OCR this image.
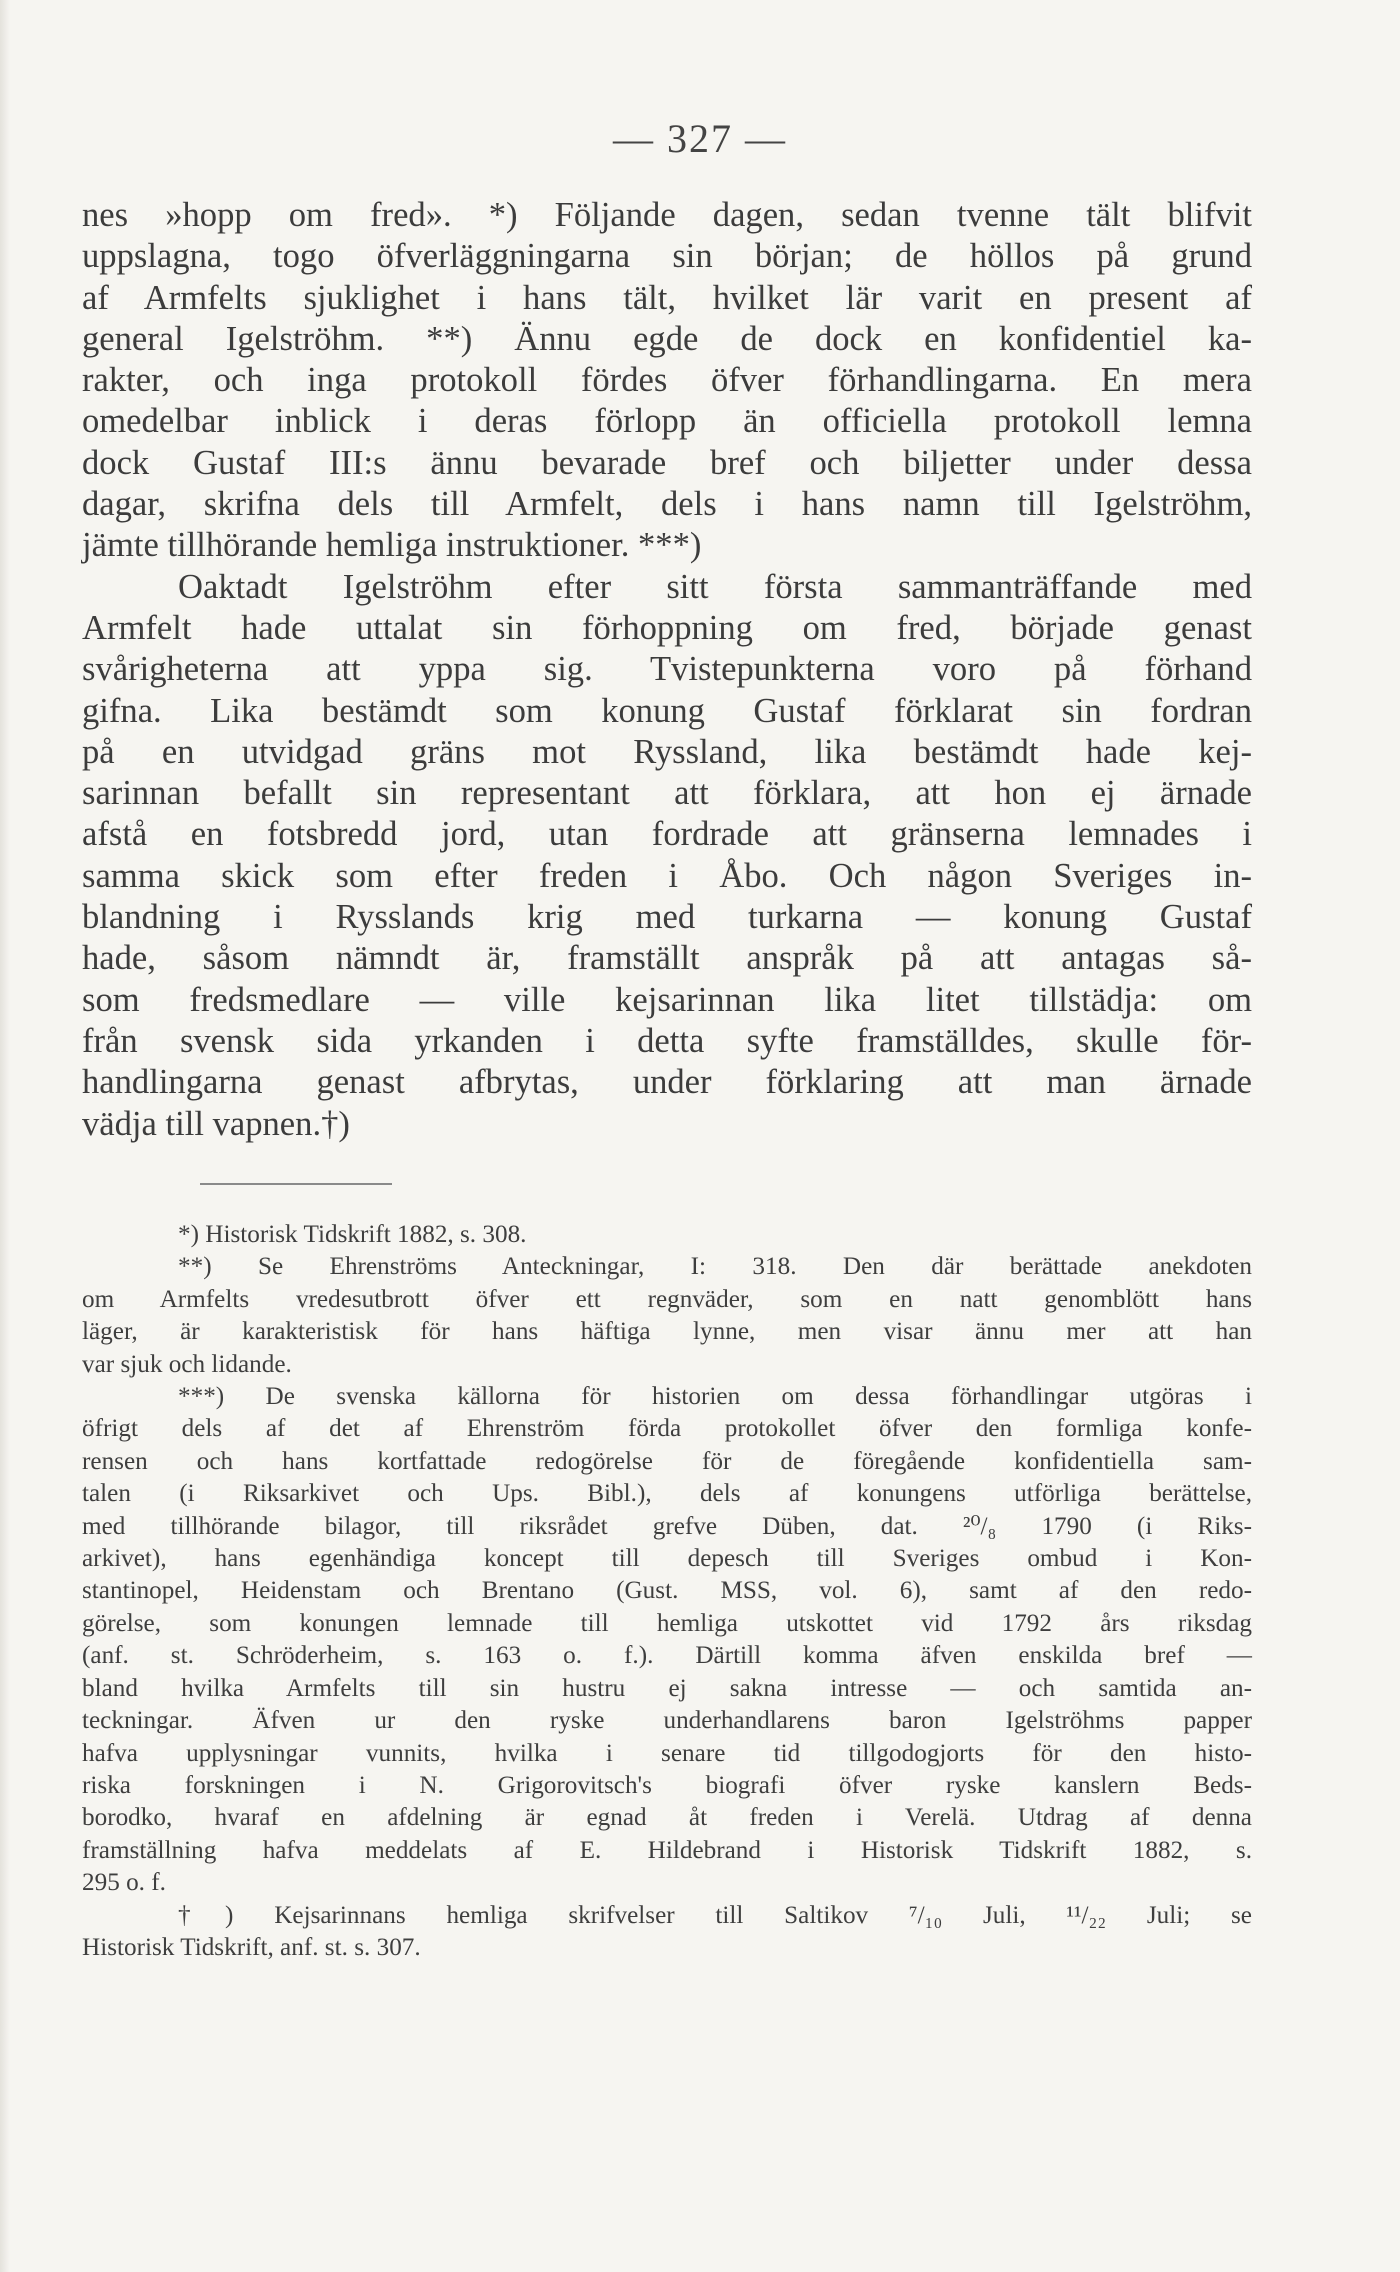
— 327 —
nes »hopp om fred». *) Följande dagen, sedan tvenne tält blifvit
uppslagna, togo öfverläggningarna sin början; de höllos på grund
af Armfelts sjuklighet i hans tält, hvilket lär varit en present af
general Igelströhm. **) Ännu egde de dock en konfidentiel ka-
rakter, och inga protokoll fördes öfver förhandlingarna. En mera
omedelbar inblick i deras förlopp än officiella protokoll lemna
dock Gustaf III:s ännu bevarade bref och biljetter under dessa
dagar, skrifna dels till Armfelt, dels i hans namn till Igelströhm,
jämte tillhörande hemliga instruktioner. ***)
Oaktadt Igelströhm efter sitt första sammanträffande med
Armfelt hade uttalat sin förhoppning om fred, började genast
svårigheterna att yppa sig. Tvistepunkterna voro på förhand
gifna. Lika bestämdt som konung Gustaf förklarat sin fordran
på en utvidgad gräns mot Ryssland, lika bestämdt hade kej-
sarinnan befallt sin representant att förklara, att hon ej ärnade
afstå en fotsbredd jord, utan fordrade att gränserna lemnades i
samma skick som efter freden i Åbo. Och någon Sveriges in-
blandning i Rysslands krig med turkarna — konung Gustaf
hade, såsom nämndt är, framställt anspråk på att antagas så-
som fredsmedlare — ville kejsarinnan lika litet tillstädja: om
från svensk sida yrkanden i detta syfte framställdes, skulle för-
handlingarna genast afbrytas, under förklaring att man ärnade
vädja till vapnen.†)
*) Historisk Tidskrift 1882, s. 308.
**) Se Ehrenströms Anteckningar, I: 318. Den där berättade anekdoten
om Armfelts vredesutbrott öfver ett regnväder, som en natt genomblött hans
läger, är karakteristisk för hans häftiga lynne, men visar ännu mer att han
var sjuk och lidande.
***) De svenska källorna för historien om dessa förhandlingar utgöras i
öfrigt dels af det af Ehrenström förda protokollet öfver den formliga konfe-
rensen och hans kortfattade redogörelse för de föregående konfidentiella sam-
talen (i Riksarkivet och Ups. Bibl.), dels af konungens utförliga berättelse,
med tillhörande bilagor, till riksrådet grefve Düben, dat. ²⁰/₈ 1790 (i Riks-
arkivet), hans egenhändiga koncept till depesch till Sveriges ombud i Kon-
stantinopel, Heidenstam och Brentano (Gust. MSS, vol. 6), samt af den redo-
görelse, som konungen lemnade till hemliga utskottet vid 1792 års riksdag
(anf. st. Schröderheim, s. 163 o. f.). Därtill komma äfven enskilda bref —
bland hvilka Armfelts till sin hustru ej sakna intresse — och samtida an-
teckningar. Äfven ur den ryske underhandlarens baron Igelströhms papper
hafva upplysningar vunnits, hvilka i senare tid tillgodogjorts för den histo-
riska forskningen i N. Grigorovitsch's biografi öfver ryske kanslern Beds-
borodko, hvaraf en afdelning är egnad åt freden i Verelä. Utdrag af denna
framställning hafva meddelats af E. Hildebrand i Historisk Tidskrift 1882, s.
295 o. f.
†) Kejsarinnans hemliga skrifvelser till Saltikov ⁷/₁₀ Juli, ¹¹/₂₂ Juli; se
Historisk Tidskrift, anf. st. s. 307.
